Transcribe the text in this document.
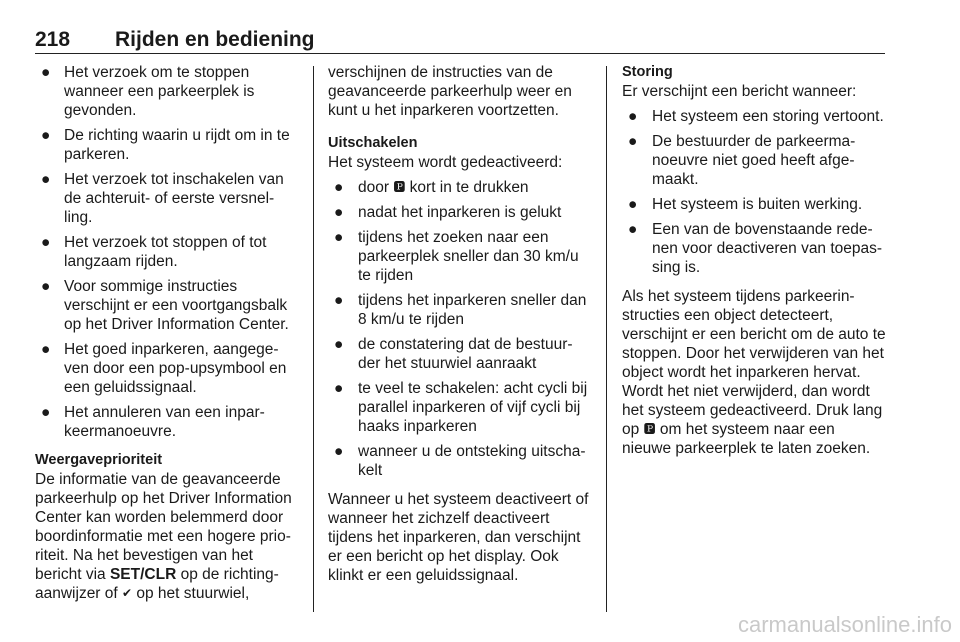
218 Rijden en bediening
● Het verzoek om te stoppen wanneer een parkeerplek is gevonden.
● De richting waarin u rijdt om in te parkeren.
● Het verzoek tot inschakelen van de achteruit- of eerste versnel-ling.
● Het verzoek tot stoppen of tot langzaam rijden.
● Voor sommige instructies verschijnt er een voortgangsbalk op het Driver Information Center.
● Het goed inparkeren, aangege-ven door een pop-upsymbool en een geluidssignaal.
● Het annuleren van een inpar-keermanoeuvre.

Weergaveprioriteit

De informatie van de geavanceerde parkeerhulp op het Driver Information Center kan worden belemmerd door boordinformatie met een hogere prio-riteit. Na het bevestigen van het bericht via SET/CLR op de richting-aanwijzer of ✔ op het stuurwiel,

verschijnen de instructies van de geavanceerde parkeerhulp weer en kunt u het inparkeren voortzetten.

Uitschakelen

Het systeem wordt gedeactiveerd:

● door 🅿︎ kort in te drukken
● nadat het inparkeren is gelukt
● tijdens het zoeken naar een parkeerplek sneller dan 30 km/u te rijden
● tijdens het inparkeren sneller dan 8 km/u te rijden
● de constatering dat de bestuur-der het stuurwiel aanraakt
● te veel te schakelen: acht cycli bij parallel inparkeren of vijf cycli bij haaks inparkeren
● wanneer u de ontsteking uitscha-kelt

Wanneer u het systeem deactiveert of wanneer het zichzelf deactiveert tijdens het inparkeren, dan verschijnt er een bericht op het display. Ook klinkt er een geluidssignaal.

Storing

Er verschijnt een bericht wanneer:

● Het systeem een storing vertoont.
● De bestuurder de parkeerma-noeuvre niet goed heeft afge-maakt.
● Het systeem is buiten werking.
● Een van de bovenstaande rede-nen voor deactiveren van toepas-sing is.

Als het systeem tijdens parkeerin-structies een object detecteert, verschijnt er een bericht om de auto te stoppen. Door het verwijderen van het object wordt het inparkeren hervat. Wordt het niet verwijderd, dan wordt het systeem gedeactiveerd. Druk lang op 🅿︎ om het systeem naar een nieuwe parkeerplek te laten zoeken.

carmanualsonline.info
